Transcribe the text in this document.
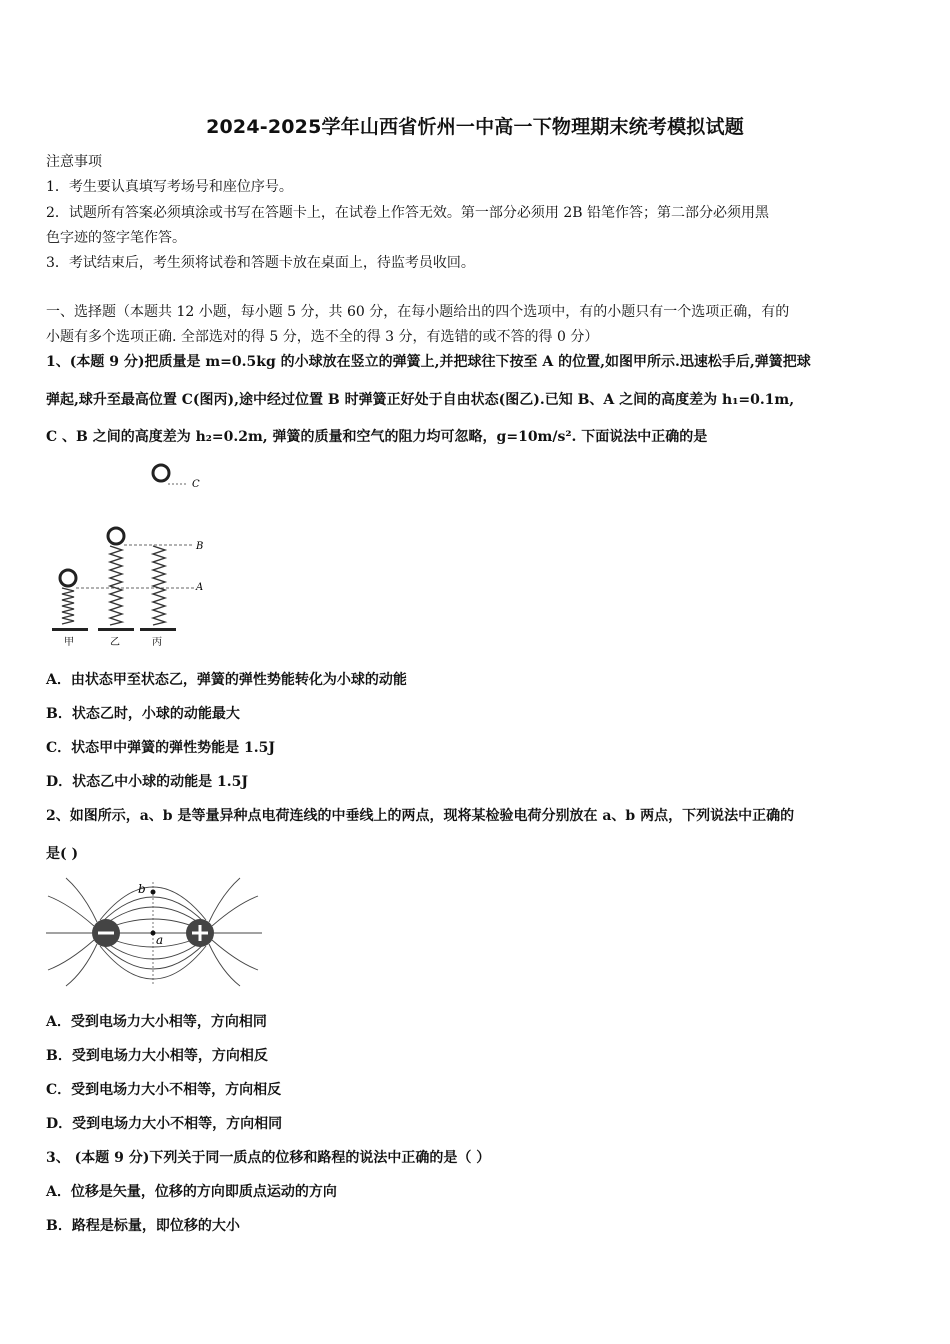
2024-2025学年山西省忻州一中高一下物理期末统考模拟试题
注意事项
1．考生要认真填写考场号和座位序号。
2．试题所有答案必须填涂或书写在答题卡上，在试卷上作答无效。第一部分必须用 2B 铅笔作答；第二部分必须用黑
色字迹的签字笔作答。
3．考试结束后，考生须将试卷和答题卡放在桌面上，待监考员收回。
一、选择题（本题共 12 小题，每小题 5 分，共 60 分，在每小题给出的四个选项中，有的小题只有一个选项正确，有的
小题有多个选项正确. 全部选对的得 5 分，选不全的得 3 分，有选错的或不答的得 0 分）
1、(本题 9 分)把质量是 m=0.5kg 的小球放在竖立的弹簧上,并把球往下按至 A 的位置,如图甲所示.迅速松手后,弹簧把球
弹起,球升至最高位置 C(图丙),途中经过位置 B 时弹簧正好处于自由状态(图乙).已知 B、A 之间的高度差为 h₁=0.1m,
C 、B 之间的高度差为 h₂=0.2m, 弹簧的质量和空气的阻力均可忽略，g=10m/s². 下面说法中正确的是
C
B
A
甲	乙	丙
A．由状态甲至状态乙，弹簧的弹性势能转化为小球的动能
B．状态乙时，小球的动能最大
C．状态甲中弹簧的弹性势能是 1.5J
D．状态乙中小球的动能是 1.5J
2、如图所示，a、b 是等量异种点电荷连线的中垂线上的两点，现将某检验电荷分别放在 a、b 两点，下列说法中正确的
是( )
b
a
A．受到电场力大小相等，方向相同
B．受到电场力大小相等，方向相反
C．受到电场力大小不相等，方向相反
D．受到电场力大小不相等，方向相同
3、 (本题 9 分)下列关于同一质点的位移和路程的说法中正确的是（ ）
A．位移是矢量，位移的方向即质点运动的方向
B．路程是标量，即位移的大小
